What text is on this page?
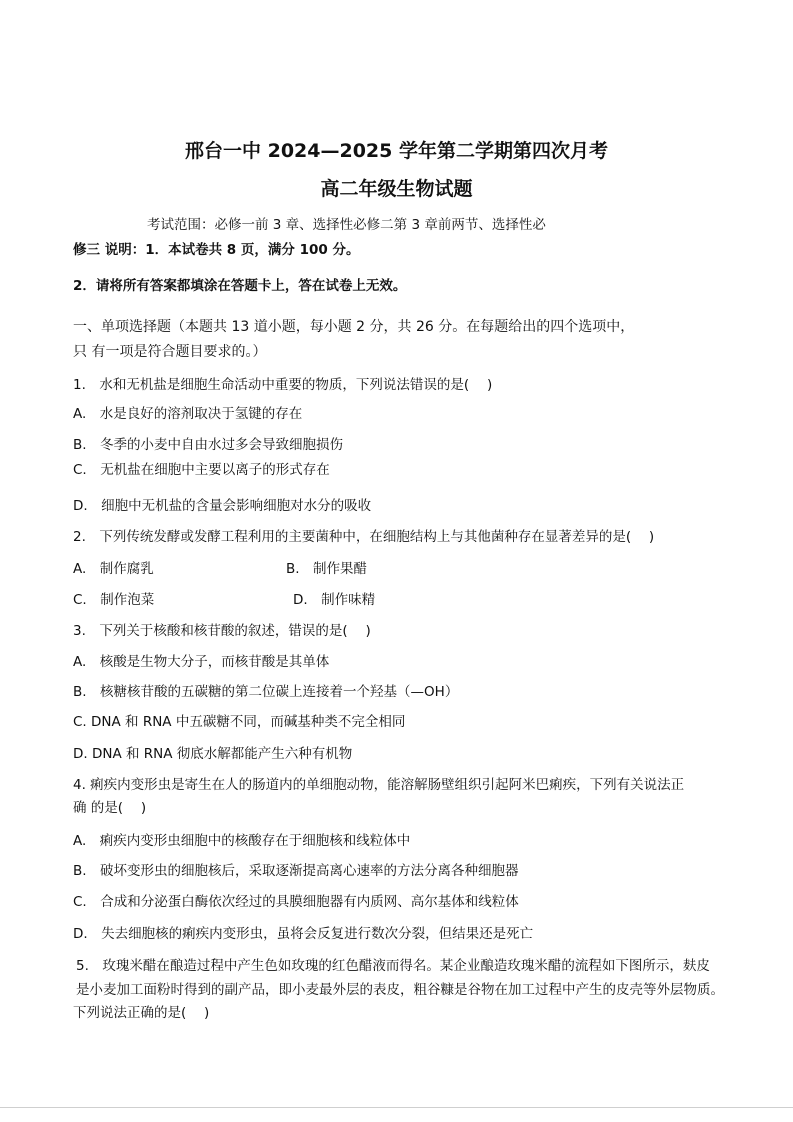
邢台一中 2024—2025 学年第二学期第四次月考
高二年级生物试题
考试范围：必修一前 3 章、选择性必修二第 3 章前两节、选择性必
修三 说明：1．本试卷共 8 页，满分 100 分。
2．请将所有答案都填涂在答题卡上，答在试卷上无效。
一、单项选择题（本题共 13 道小题，每小题 2 分，共 26 分。在每题给出的四个选项中，
只 有一项是符合题目要求的。）
1.　水和无机盐是细胞生命活动中重要的物质，下列说法错误的是(　 )
A.　水是良好的溶剂取决于氢键的存在
B.　冬季的小麦中自由水过多会导致细胞损伤
C.　无机盐在细胞中主要以离子的形式存在
D.　细胞中无机盐的含量会影响细胞对水分的吸收
2.　下列传统发酵或发酵工程利用的主要菌种中，在细胞结构上与其他菌种存在显著差异的是(　 )
A.　制作腐乳	B.　制作果醋
C.　制作泡菜	D.　制作味精
3.　下列关于核酸和核苷酸的叙述，错误的是(　 )
A.　核酸是生物大分子，而核苷酸是其单体
B.　核糖核苷酸的五碳糖的第二位碳上连接着一个羟基（—OH）
C. DNA 和 RNA 中五碳糖不同，而碱基种类不完全相同
D. DNA 和 RNA 彻底水解都能产生六种有机物
4. 痢疾内变形虫是寄生在人的肠道内的单细胞动物，能溶解肠壁组织引起阿米巴痢疾，下列有关说法正
确 的是(　 )
A.　痢疾内变形虫细胞中的核酸存在于细胞核和线粒体中
B.　破坏变形虫的细胞核后，采取逐渐提高离心速率的方法分离各种细胞器
C.　合成和分泌蛋白酶依次经过的具膜细胞器有内质网、高尔基体和线粒体
D.　失去细胞核的痢疾内变形虫，虽将会反复进行数次分裂，但结果还是死亡
5.　玫瑰米醋在酿造过程中产生色如玫瑰的红色醋液而得名。某企业酿造玫瑰米醋的流程如下图所示，麸皮
是小麦加工面粉时得到的副产品，即小麦最外层的表皮，粗谷糠是谷物在加工过程中产生的皮壳等外层物质。
下列说法正确的是(　 )
